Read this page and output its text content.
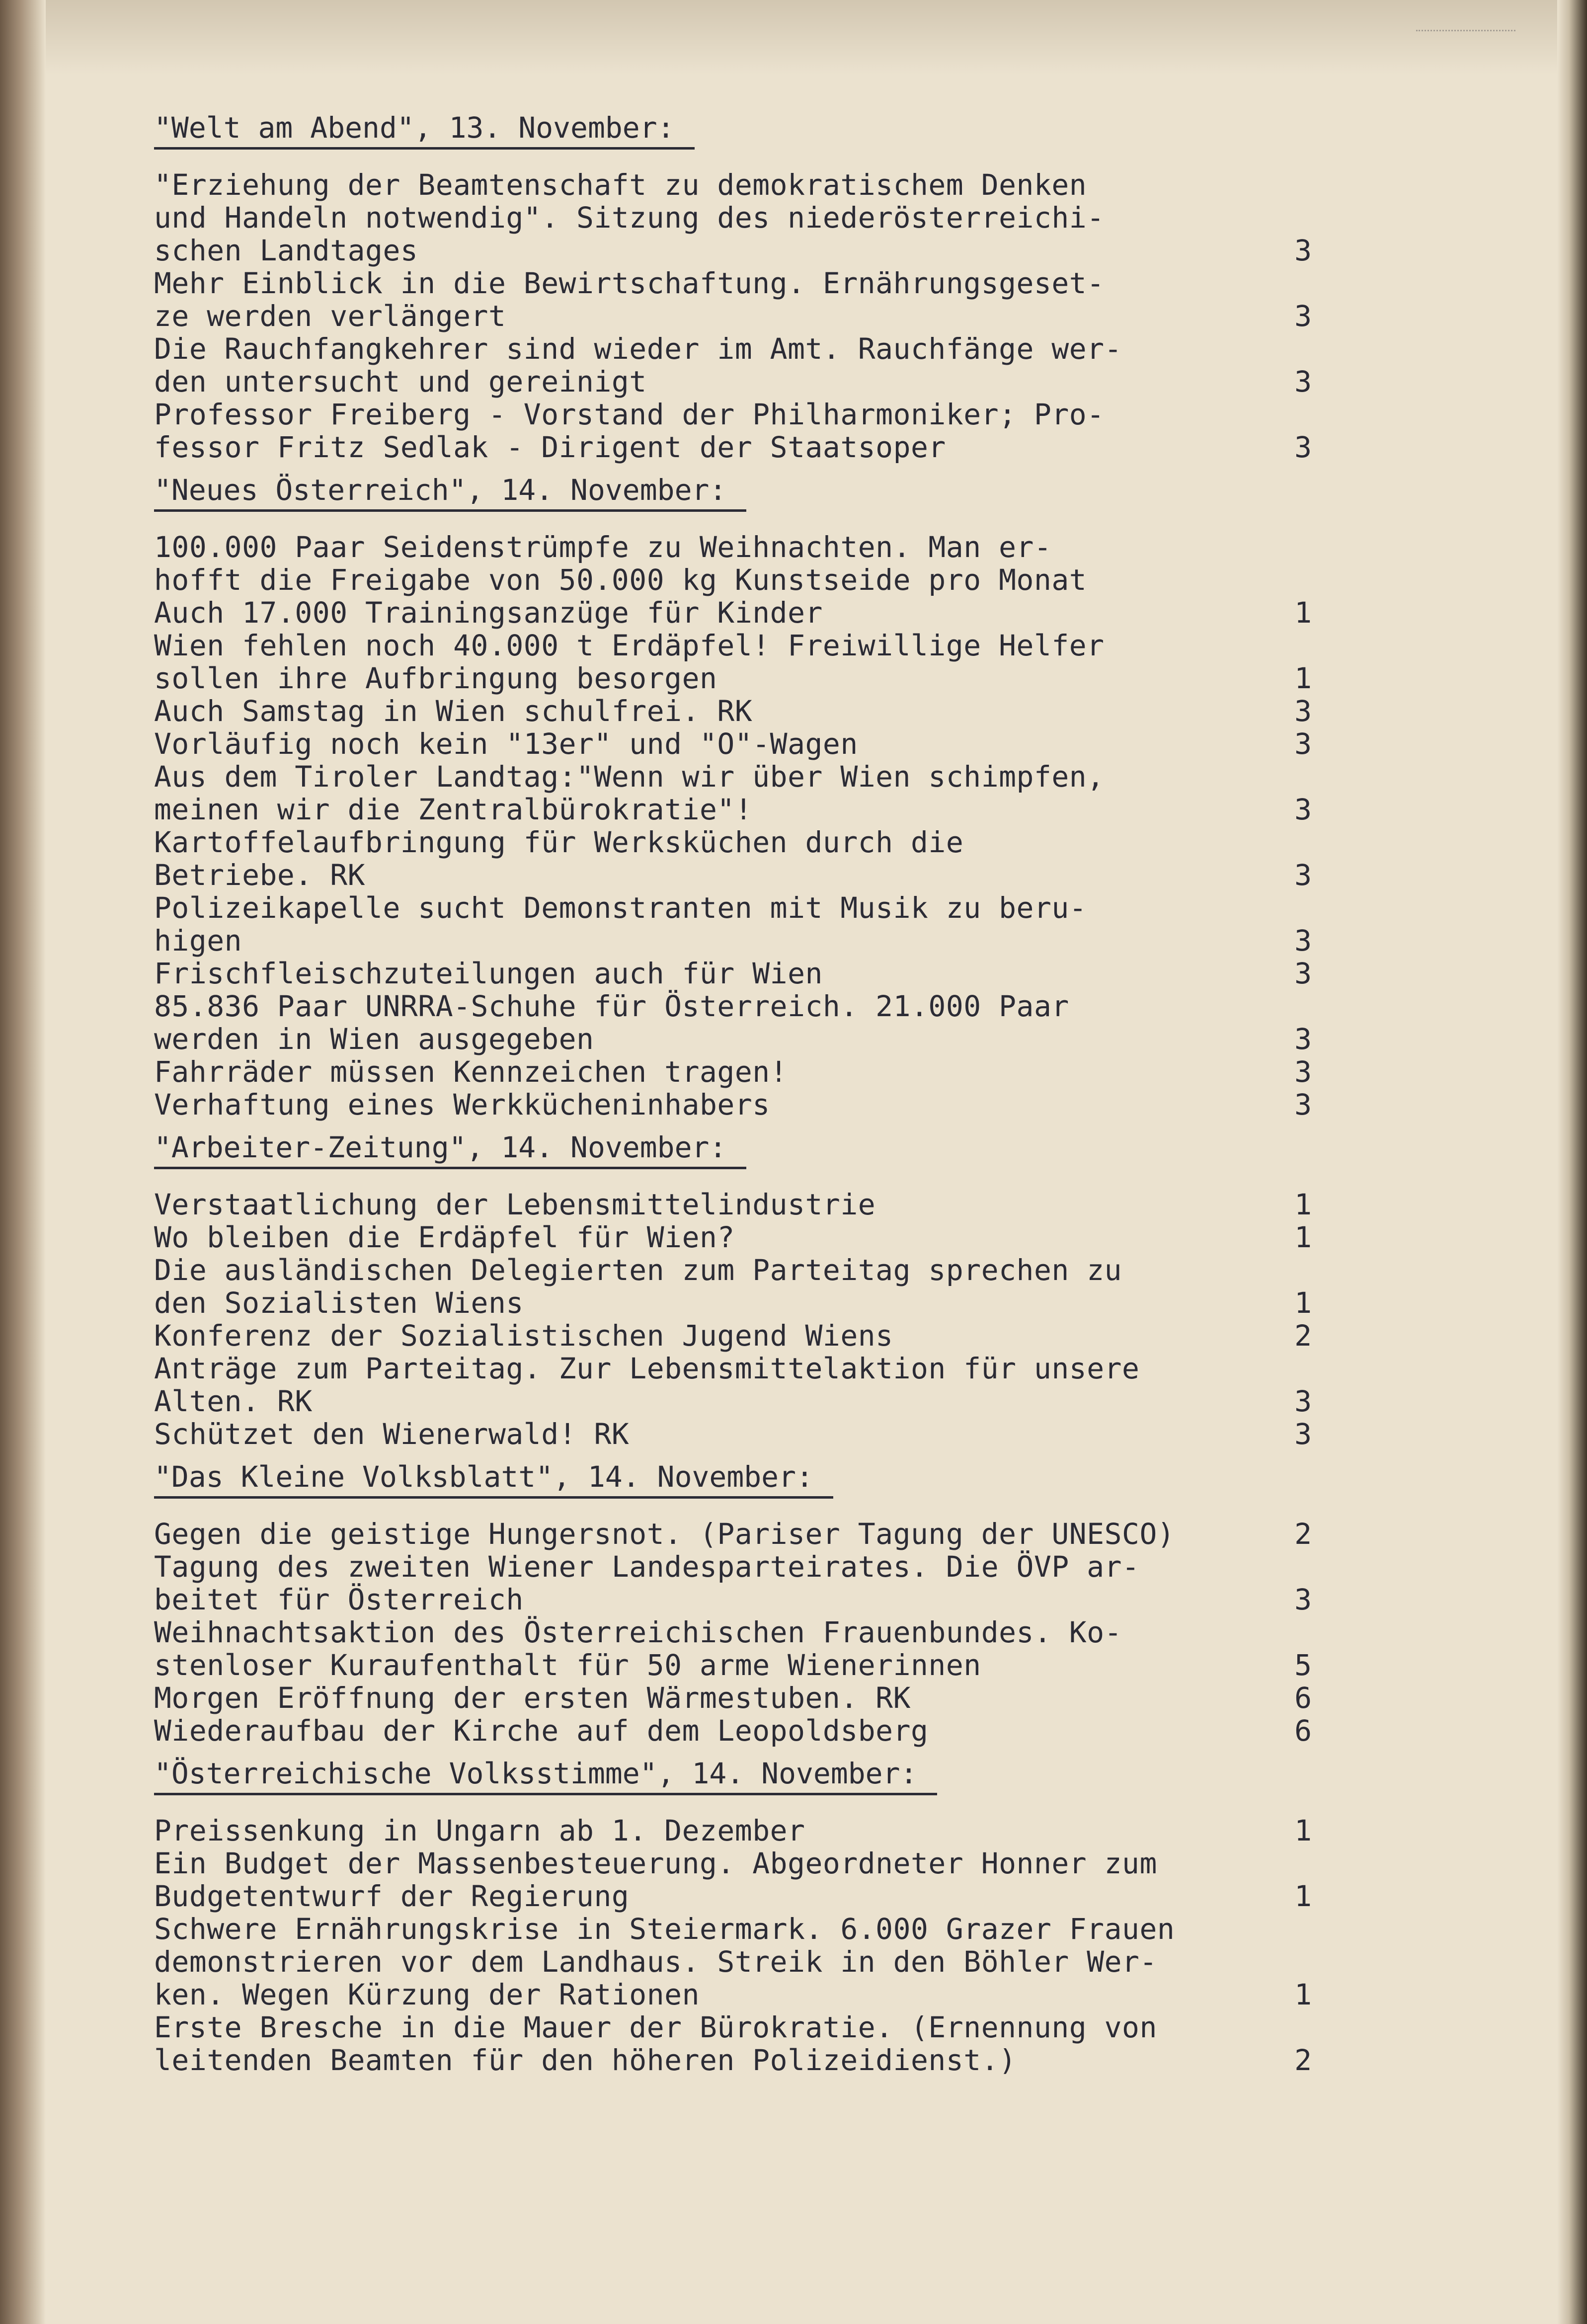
"Welt am Abend", 13. November:

"Erziehung der Beamtenschaft zu demokratischem Denken
und Handeln notwendig". Sitzung des niederösterreichi-
schen Landtages	3
Mehr Einblick in die Bewirtschaftung. Ernährungsgeset-
ze werden verlängert	3
Die Rauchfangkehrer sind wieder im Amt. Rauchfänge wer-
den untersucht und gereinigt	3
Professor Freiberg - Vorstand der Philharmoniker; Pro-
fessor Fritz Sedlak - Dirigent der Staatsoper	3
"Neues Österreich", 14. November:

100.000 Paar Seidenstrümpfe zu Weihnachten. Man er-
hofft die Freigabe von 50.000 kg Kunstseide pro Monat
Auch 17.000 Trainingsanzüge für Kinder	1
Wien fehlen noch 40.000 t Erdäpfel! Freiwillige Helfer
sollen ihre Aufbringung besorgen	1
Auch Samstag in Wien schulfrei. RK	3
Vorläufig noch kein "13er" und "O"-Wagen	3
Aus dem Tiroler Landtag:"Wenn wir über Wien schimpfen,
meinen wir die Zentralbürokratie"!	3
Kartoffelaufbringung für Werksküchen durch die
Betriebe. RK	3
Polizeikapelle sucht Demonstranten mit Musik zu beru-
higen	3
Frischfleischzuteilungen auch für Wien	3
85.836 Paar UNRRA-Schuhe für Österreich. 21.000 Paar
werden in Wien ausgegeben	3
Fahrräder müssen Kennzeichen tragen!	3
Verhaftung eines Werkkücheninhabers	3
"Arbeiter-Zeitung", 14. November:

Verstaatlichung der Lebensmittelindustrie	1
Wo bleiben die Erdäpfel für Wien?	1
Die ausländischen Delegierten zum Parteitag sprechen zu
den Sozialisten Wiens	1
Konferenz der Sozialistischen Jugend Wiens	2
Anträge zum Parteitag. Zur Lebensmittelaktion für unsere
Alten. RK	3
Schützet den Wienerwald! RK	3
"Das Kleine Volksblatt", 14. November:

Gegen die geistige Hungersnot. (Pariser Tagung der UNESCO)	2
Tagung des zweiten Wiener Landesparteirates. Die ÖVP ar-
beitet für Österreich	3
Weihnachtsaktion des Österreichischen Frauenbundes. Ko-
stenloser Kuraufenthalt für 50 arme Wienerinnen	5
Morgen Eröffnung der ersten Wärmestuben. RK	6
Wiederaufbau der Kirche auf dem Leopoldsberg	6
"Österreichische Volksstimme", 14. November:

Preissenkung in Ungarn ab 1. Dezember	1
Ein Budget der Massenbesteuerung. Abgeordneter Honner zum
Budgetentwurf der Regierung	1
Schwere Ernährungskrise in Steiermark. 6.000 Grazer Frauen
demonstrieren vor dem Landhaus. Streik in den Böhler Wer-
ken. Wegen Kürzung der Rationen	1
Erste Bresche in die Mauer der Bürokratie. (Ernennung von
leitenden Beamten für den höheren Polizeidienst.)	2
